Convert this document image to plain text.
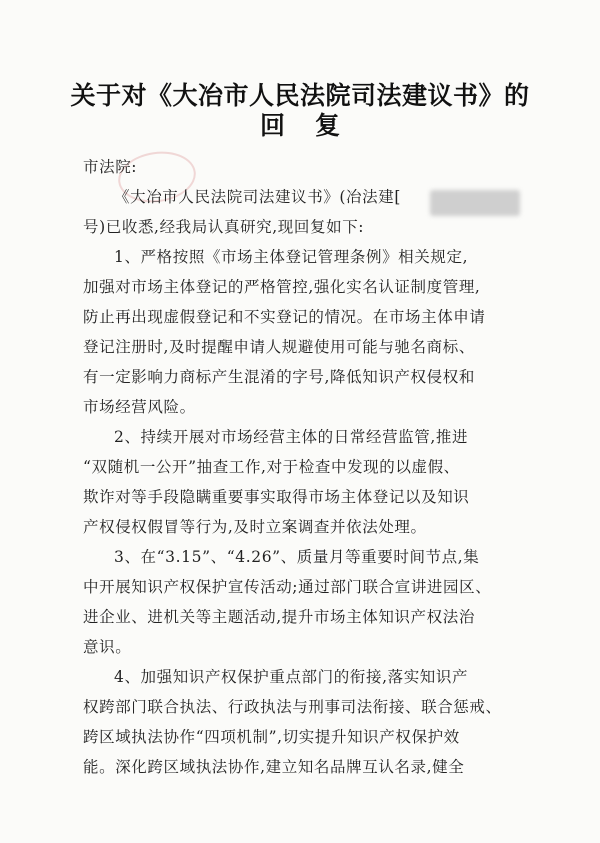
关于对《大冶市人民法院司法建议书》的
回复
市法院:
《大冶市人民法院司法建议书》(冶法建[
号)已收悉,经我局认真研究,现回复如下:
1、严格按照《市场主体登记管理条例》相关规定,
加强对市场主体登记的严格管控,强化实名认证制度管理,
防止再出现虚假登记和不实登记的情况。在市场主体申请
登记注册时,及时提醒申请人规避使用可能与驰名商标、
有一定影响力商标产生混淆的字号,降低知识产权侵权和
市场经营风险。
2、持续开展对市场经营主体的日常经营监管,推进
“双随机一公开”抽查工作,对于检查中发现的以虚假、
欺诈对等手段隐瞒重要事实取得市场主体登记以及知识
产权侵权假冒等行为,及时立案调查并依法处理。
3、在“3.15”、“4.26”、质量月等重要时间节点,集
中开展知识产权保护宣传活动;通过部门联合宣讲进园区、
进企业、进机关等主题活动,提升市场主体知识产权法治
意识。
4、加强知识产权保护重点部门的衔接,落实知识产
权跨部门联合执法、行政执法与刑事司法衔接、联合惩戒、
跨区域执法协作“四项机制”,切实提升知识产权保护效
能。深化跨区域执法协作,建立知名品牌互认名录,健全
